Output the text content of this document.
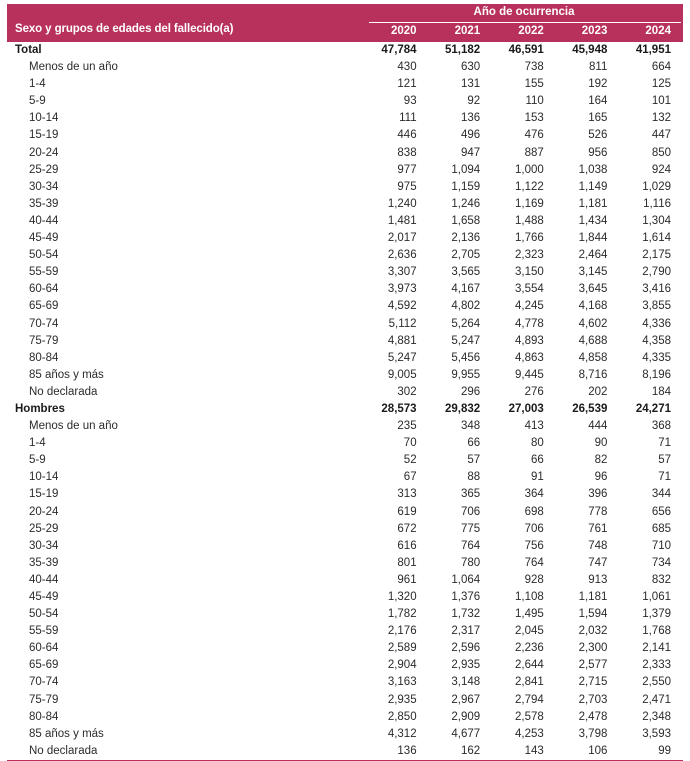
Sexo y grupos de edades del fallecido(a)	Año de ocurrencia				
	2020	2021	2022	2023	2024
Total	47,784	51,182	46,591	45,948	41,951
Menos de un año	430	630	738	811	664
1-4	121	131	155	192	125
5-9	93	92	110	164	101
10-14	111	136	153	165	132
15-19	446	496	476	526	447
20-24	838	947	887	956	850
25-29	977	1,094	1,000	1,038	924
30-34	975	1,159	1,122	1,149	1,029
35-39	1,240	1,246	1,169	1,181	1,116
40-44	1,481	1,658	1,488	1,434	1,304
45-49	2,017	2,136	1,766	1,844	1,614
50-54	2,636	2,705	2,323	2,464	2,175
55-59	3,307	3,565	3,150	3,145	2,790
60-64	3,973	4,167	3,554	3,645	3,416
65-69	4,592	4,802	4,245	4,168	3,855
70-74	5,112	5,264	4,778	4,602	4,336
75-79	4,881	5,247	4,893	4,688	4,358
80-84	5,247	5,456	4,863	4,858	4,335
85 años y más	9,005	9,955	9,445	8,716	8,196
No declarada	302	296	276	202	184
Hombres	28,573	29,832	27,003	26,539	24,271
Menos de un año	235	348	413	444	368
1-4	70	66	80	90	71
5-9	52	57	66	82	57
10-14	67	88	91	96	71
15-19	313	365	364	396	344
20-24	619	706	698	778	656
25-29	672	775	706	761	685
30-34	616	764	756	748	710
35-39	801	780	764	747	734
40-44	961	1,064	928	913	832
45-49	1,320	1,376	1,108	1,181	1,061
50-54	1,782	1,732	1,495	1,594	1,379
55-59	2,176	2,317	2,045	2,032	1,768
60-64	2,589	2,596	2,236	2,300	2,141
65-69	2,904	2,935	2,644	2,577	2,333
70-74	3,163	3,148	2,841	2,715	2,550
75-79	2,935	2,967	2,794	2,703	2,471
80-84	2,850	2,909	2,578	2,478	2,348
85 años y más	4,312	4,677	4,253	3,798	3,593
No declarada	136	162	143	106	99
